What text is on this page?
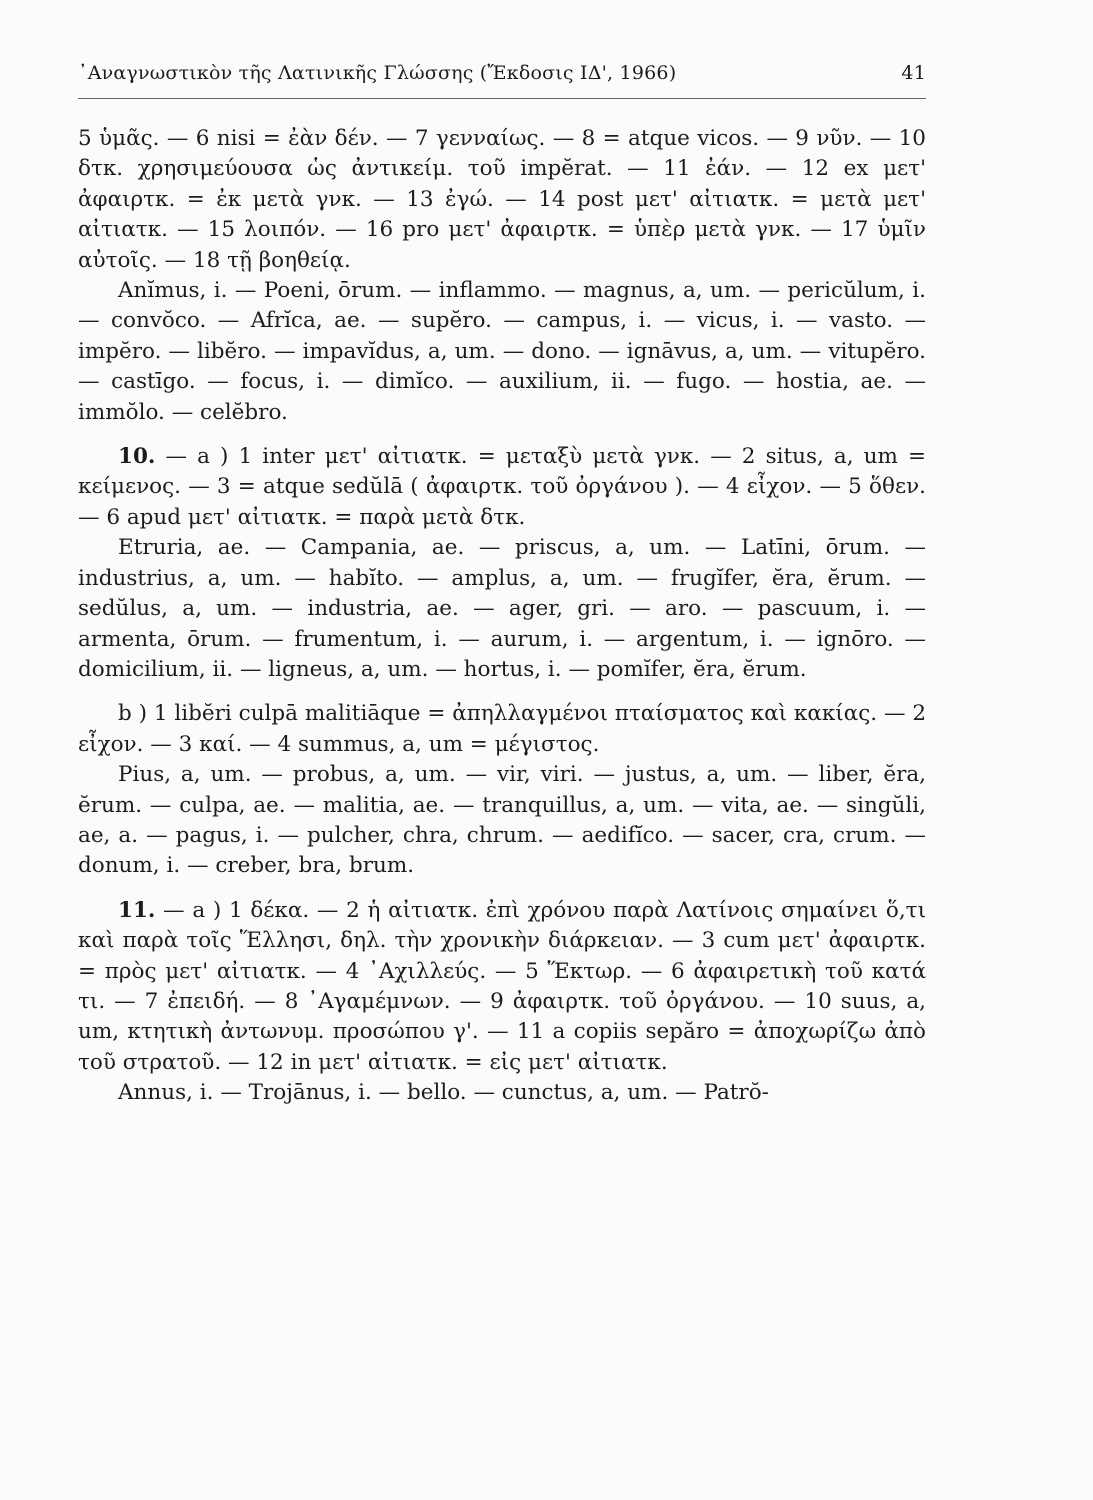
᾿Αναγνωστικὸν τῆς Λατινικῆς Γλώσσης (Ἔκδοσις ΙΔ', 1966)	41

5 ὑμᾶς. — 6 nisi = ἐὰν δέν. — 7 γενναίως. — 8 = atque vicos. — 9 νῦν. — 10 δτκ. χρησιμεύουσα ὡς ἀντικείμ. τοῦ impĕrat. — 11 ἐάν. — 12 ex μετ' ἀφαιρτκ. = ἐκ μετὰ γνκ. — 13 ἐγώ. — 14 post μετ' αἰτιατκ. = μετὰ μετ' αἰτιατκ. — 15 λοιπόν. — 16 pro μετ' ἀφαιρτκ. = ὑπὲρ μετὰ γνκ. — 17 ὑμῖν αὐτοῖς. — 18 τῇ βοηθείᾳ.

Anĭmus, i. — Poeni, ōrum. — inflammo. — magnus, a, um. — pericŭlum, i. — convŏco. — Afrĭca, ae. — supĕro. — campus, i. — vicus, i. — vasto. — impĕro. — libĕro. — impavĭdus, a, um. — dono. — ignāvus, a, um. — vitupĕro. — castīgo. — focus, i. — dimĭco. — auxilium, ii. — fugo. — hostia, ae. — immŏlo. — celĕbro.

10. — a ) 1 inter μετ' αἰτιατκ. = μεταξὺ μετὰ γνκ. — 2 situs, a, um = κείμενος. — 3 = atque sedŭlā ( ἀφαιρτκ. τοῦ ὀργάνου ). — 4 εἶχον. — 5 ὅθεν. — 6 apud μετ' αἰτιατκ. = παρὰ μετὰ δτκ.

Etruria, ae. — Campania, ae. — priscus, a, um. — Latīni, ōrum. — industrius, a, um. — habĭto. — amplus, a, um. — frugĭfer, ĕra, ĕrum. — sedŭlus, a, um. — industria, ae. — ager, gri. — aro. — pascuum, i. — armenta, ōrum. — frumentum, i. — aurum, i. — argentum, i. — ignōro. — domicilium, ii. — ligneus, a, um. — hortus, i. — pomĭfer, ĕra, ĕrum.

b ) 1 libĕri culpā malitiāque = ἀπηλλαγμένοι πταίσματος καὶ κακίας. — 2 εἶχον. — 3 καί. — 4 summus, a, um = μέγιστος.

Pius, a, um. — probus, a, um. — vir, viri. — justus, a, um. — liber, ĕra, ĕrum. — culpa, ae. — malitia, ae. — tranquillus, a, um. — vita, ae. — singŭli, ae, a. — pagus, i. — pulcher, chra, chrum. — aedifĭco. — sacer, cra, crum. — donum, i. — creber, bra, brum.

11. — a ) 1 δέκα. — 2 ἡ αἰτιατκ. ἐπὶ χρόνου παρὰ Λατίνοις σημαίνει ὅ,τι καὶ παρὰ τοῖς Ἕλλησι, δηλ. τὴν χρονικὴν διάρκειαν. — 3 cum μετ' ἀφαιρτκ. = πρὸς μετ' αἰτιατκ. — 4 ᾿Αχιλλεύς. — 5 Ἕκτωρ. — 6 ἀφαιρετικὴ τοῦ κατά τι. — 7 ἐπειδή. — 8 ᾿Αγαμέμνων. — 9 ἀφαιρτκ. τοῦ ὀργάνου. — 10 suus, a, um, κτητικὴ ἀντωνυμ. προσώπου γ'. — 11 a copiis sepăro = ἀποχωρίζω ἀπὸ τοῦ στρατοῦ. — 12 in μετ' αἰτιατκ. = εἰς μετ' αἰτιατκ.

Annus, i. — Trojānus, i. — bello. — cunctus, a, um. — Patrŏ-
